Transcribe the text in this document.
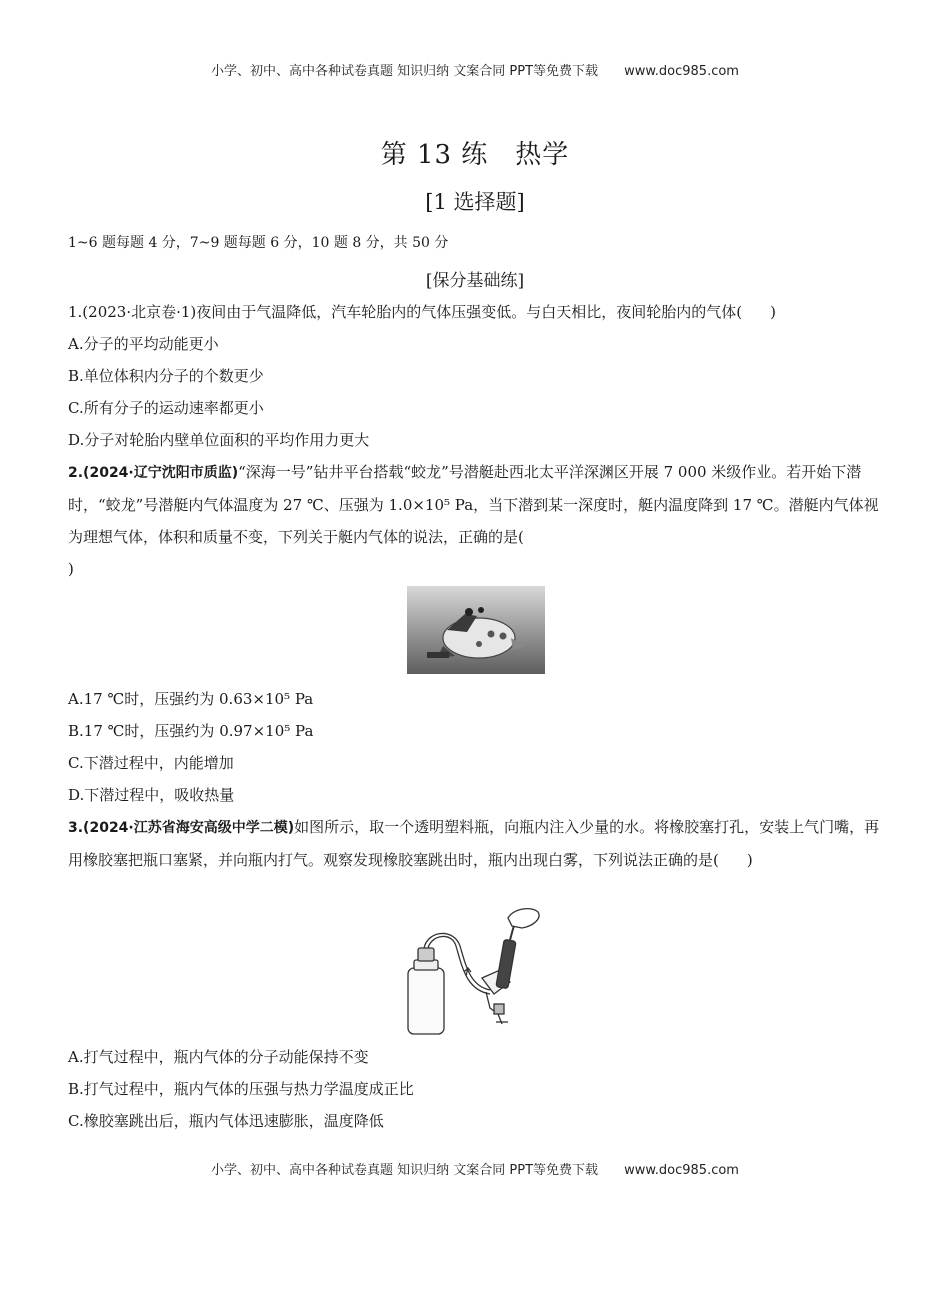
小学、初中、高中各种试卷真题 知识归纳 文案合同 PPT等免费下载 www.doc985.com
第 13 练　热学
[1 选择题]
1~6 题每题 4 分，7~9 题每题 6 分，10 题 8 分，共 50 分
[保分基础练]
1.(2023·北京卷·1)夜间由于气温降低，汽车轮胎内的气体压强变低。与白天相比，夜间轮胎内的气体( )
A.分子的平均动能更小
B.单位体积内分子的个数更少
C.所有分子的运动速率都更小
D.分子对轮胎内壁单位面积的平均作用力更大
2.(2024·辽宁沈阳市质监)“深海一号”钻井平台搭载“蛟龙”号潜艇赴西北太平洋深渊区开展 7 000 米级作业。若开始下潜时，“蛟龙”号潜艇内气体温度为 27 ℃、压强为 1.0×10⁵ Pa，当下潜到某一深度时，艇内温度降到 17 ℃。潜艇内气体视为理想气体，体积和质量不变，下列关于艇内气体的说法，正确的是(
)
A.17 ℃时，压强约为 0.63×10⁵ Pa
B.17 ℃时，压强约为 0.97×10⁵ Pa
C.下潜过程中，内能增加
D.下潜过程中，吸收热量
3.(2024·江苏省海安高级中学二模)如图所示，取一个透明塑料瓶，向瓶内注入少量的水。将橡胶塞打孔，安装上气门嘴，再用橡胶塞把瓶口塞紧，并向瓶内打气。观察发现橡胶塞跳出时，瓶内出现白雾，下列说法正确的是( )
A.打气过程中，瓶内气体的分子动能保持不变
B.打气过程中，瓶内气体的压强与热力学温度成正比
C.橡胶塞跳出后，瓶内气体迅速膨胀，温度降低
小学、初中、高中各种试卷真题 知识归纳 文案合同 PPT等免费下载 www.doc985.com
